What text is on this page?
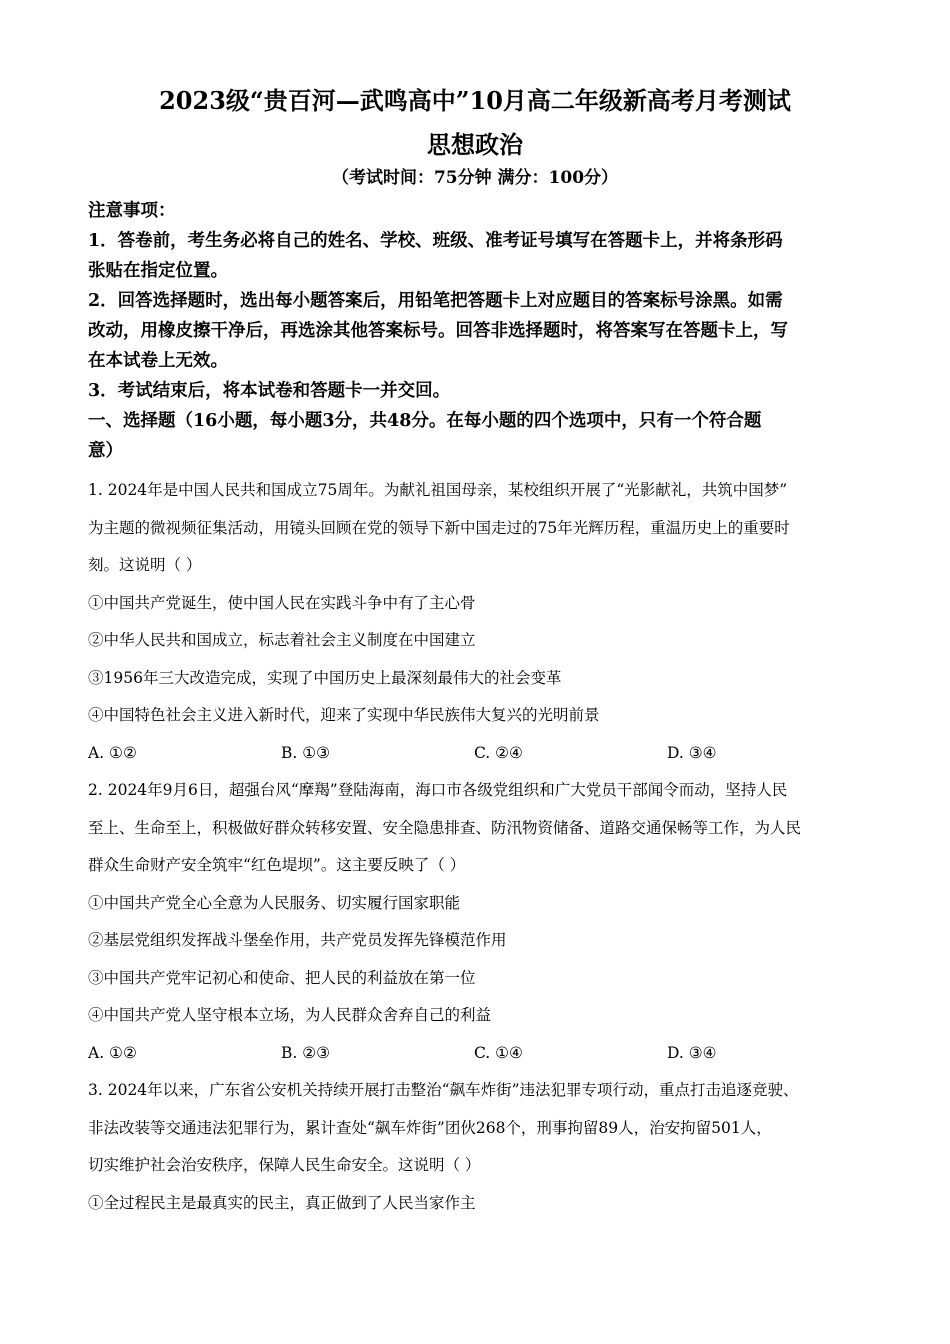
2023级“贵百河—武鸣高中”10月高二年级新高考月考测试

思想政治

（考试时间：75分钟 满分：100分）

注意事项：

1．答卷前，考生务必将自己的姓名、学校、班级、准考证号填写在答题卡上，并将条形码

张贴在指定位置。

2．回答选择题时，选出每小题答案后，用铅笔把答题卡上对应题目的答案标号涂黑。如需

改动，用橡皮擦干净后，再选涂其他答案标号。回答非选择题时，将答案写在答题卡上，写

在本试卷上无效。

3．考试结束后，将本试卷和答题卡一并交回。

一、选择题（16小题，每小题3分，共48分。在每小题的四个选项中，只有一个符合题

意）

1. 2024年是中国人民共和国成立75周年。为献礼祖国母亲，某校组织开展了“光影献礼，共筑中国梦”

为主题的微视频征集活动，用镜头回顾在党的领导下新中国走过的75年光辉历程，重温历史上的重要时

刻。这说明（ ）

①中国共产党诞生，使中国人民在实践斗争中有了主心骨

②中华人民共和国成立，标志着社会主义制度在中国建立

③1956年三大改造完成，实现了中国历史上最深刻最伟大的社会变革

④中国特色社会主义进入新时代，迎来了实现中华民族伟大复兴的光明前景

A. ①②	B. ①③	C. ②④	D. ③④

2. 2024年9月6日，超强台风“摩羯”登陆海南，海口市各级党组织和广大党员干部闻令而动，坚持人民

至上、生命至上，积极做好群众转移安置、安全隐患排查、防汛物资储备、道路交通保畅等工作，为人民

群众生命财产安全筑牢“红色堤坝”。这主要反映了（ ）

①中国共产党全心全意为人民服务、切实履行国家职能

②基层党组织发挥战斗堡垒作用，共产党员发挥先锋模范作用

③中国共产党牢记初心和使命、把人民的利益放在第一位

④中国共产党人坚守根本立场，为人民群众舍弃自己的利益

A. ①②	B. ②③	C. ①④	D. ③④

3. 2024年以来，广东省公安机关持续开展打击整治“飙车炸街”违法犯罪专项行动，重点打击追逐竞驶、

非法改装等交通违法犯罪行为，累计查处“飙车炸街”团伙268个，刑事拘留89人，治安拘留501人，

切实维护社会治安秩序，保障人民生命安全。这说明（ ）

①全过程民主是最真实的民主，真正做到了人民当家作主
